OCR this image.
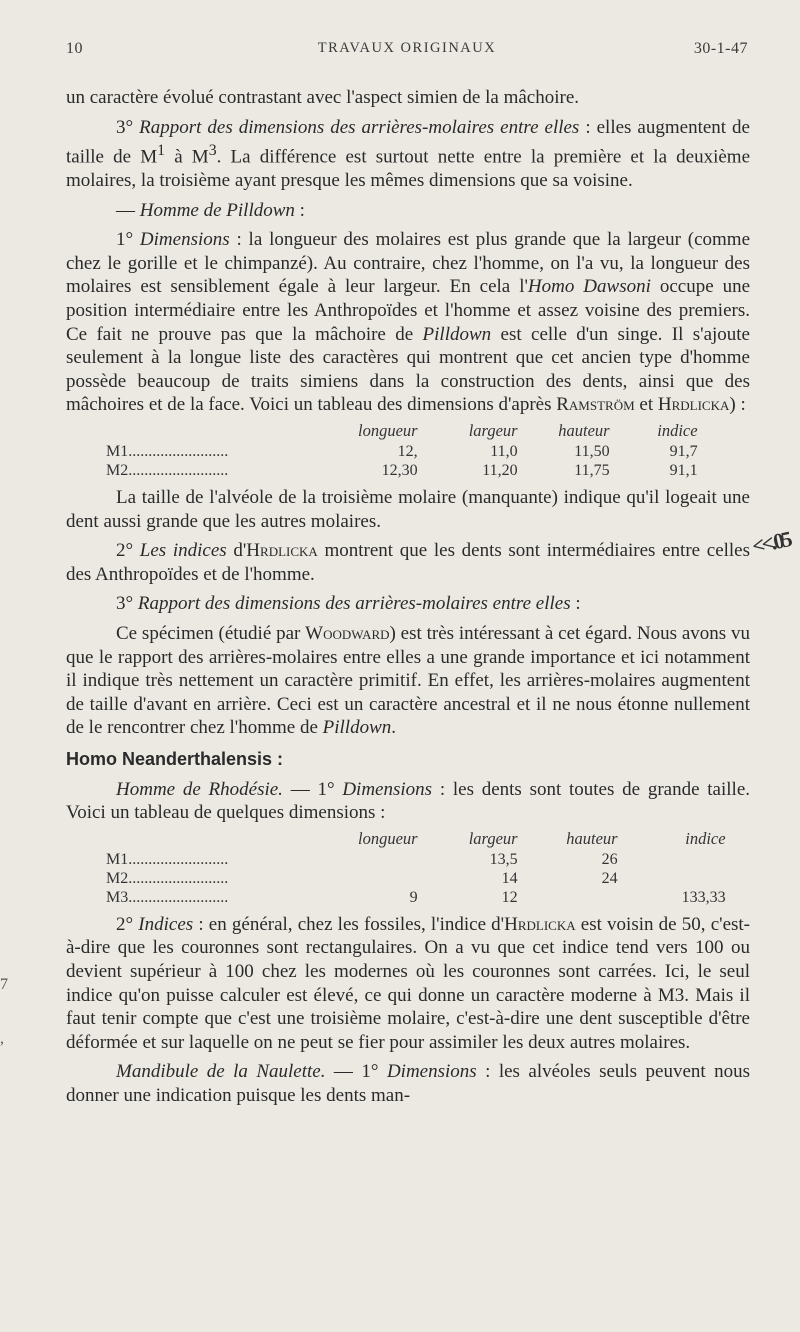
10	TRAVAUX ORIGINAUX	30-1-47
7
,
<<.05

un caractère évolué contrastant avec l'aspect simien de la mâchoire.

3° Rapport des dimensions des arrières-molaires entre elles : elles augmentent de taille de $M^1$ à $M^3$. La différence est surtout nette entre la première et la deuxième molaires, la troisième ayant presque les mêmes dimensions que sa voisine.

— Homme de Pilldown :

1° Dimensions : la longueur des molaires est plus grande que la largeur (comme chez le gorille et le chimpanzé). Au contraire, chez l'homme, on l'a vu, la longueur des molaires est sensiblement égale à leur largeur. En cela l'Homo Dawsoni occupe une position intermédiaire entre les Anthropoïdes et l'homme et assez voisine des premiers. Ce fait ne prouve pas que la mâchoire de Pilldown est celle d'un singe. Il s'ajoute seulement à la longue liste des caractères qui montrent que cet ancien type d'homme possède beaucoup de traits simiens dans la construction des dents, ainsi que des mâchoires et de la face. Voici un tableau des dimensions d'après Ramström et Hrdlicka) :

	longueur	largeur	hauteur	indice
M1.........................	12,	11,0	11,50	91,7
M2.........................	12,30	11,20	11,75	91,1

La taille de l'alvéole de la troisième molaire (manquante) indique qu'il logeait une dent aussi grande que les autres molaires.

2° Les indices d'Hrdlicka montrent que les dents sont intermédiaires entre celles des Anthropoïdes et de l'homme.

3° Rapport des dimensions des arrières-molaires entre elles :

Ce spécimen (étudié par Woodward) est très intéressant à cet égard. Nous avons vu que le rapport des arrières-molaires entre elles a une grande importance et ici notamment il indique très nettement un caractère primitif. En effet, les arrières-molaires augmentent de taille d'avant en arrière. Ceci est un caractère ancestral et il ne nous étonne nullement de le rencontrer chez l'homme de Pilldown.

Homo Neanderthalensis :

Homme de Rhodésie. — 1° Dimensions : les dents sont toutes de grande taille. Voici un tableau de quelques dimensions :

	longueur	largeur	hauteur	indice
M1.........................		13,5	26	
M2.........................		14	24	
M3.........................	9	12		133,33

2° Indices : en général, chez les fossiles, l'indice d'Hrdlicka est voisin de 50, c'est-à-dire que les couronnes sont rectangulaires. On a vu que cet indice tend vers 100 ou devient supérieur à 100 chez les modernes où les couronnes sont carrées. Ici, le seul indice qu'on puisse calculer est élevé, ce qui donne un caractère moderne à M3. Mais il faut tenir compte que c'est une troisième molaire, c'est-à-dire une dent susceptible d'être déformée et sur laquelle on ne peut se fier pour assimiler les deux autres molaires.

Mandibule de la Naulette. — 1° Dimensions : les alvéoles seuls peuvent nous donner une indication puisque les dents man-
